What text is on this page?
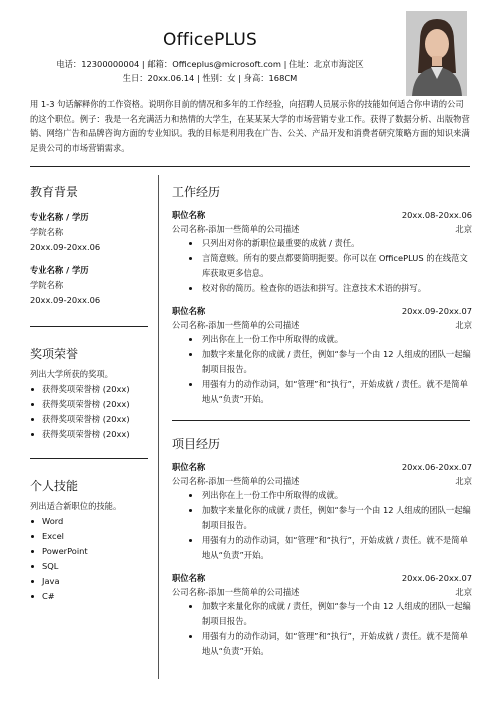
OfficePLUS
电话：12300000004 | 邮箱：Officeplus@microsoft.com | 住址：北京市海淀区
生日：20xx.06.14 | 性别：女 | 身高：168CM
用 1-3 句话解释你的工作资格。说明你目前的情况和多年的工作经验，向招聘人员展示你的技能如何适合你申请的公司的这个职位。例子：我是一名充满活力和热情的大学生，在某某某大学的市场营销专业工作。获得了数据分析、出版物营销、网络广告和品牌咨询方面的专业知识。我的目标是利用我在广告、公关、产品开发和消费者研究策略方面的知识来满足贵公司的市场营销需求。
教育背景
专业名称 / 学历
学院名称
20xx.09-20xx.06
专业名称 / 学历
学院名称
20xx.09-20xx.06
奖项荣誉
列出大学所获的奖项。
获得奖项荣誉榜 (20xx)
获得奖项荣誉榜 (20xx)
获得奖项荣誉榜 (20xx)
获得奖项荣誉榜 (20xx)
个人技能
列出适合新职位的技能。
Word
Excel
PowerPoint
SQL
Java
C#
工作经历
职位名称	20xx.08-20xx.06
公司名称-添加一些简单的公司描述	北京
只列出对你的新职位最重要的成就 / 责任。
言简意赅。所有的要点都要简明扼要。你可以在 OfficePLUS 的在线范文库获取更多信息。
校对你的简历。检查你的语法和拼写。注意技术术语的拼写。
职位名称	20xx.09-20xx.07
公司名称-添加一些简单的公司描述	北京
列出你在上一份工作中所取得的成就。
加数字来量化你的成就 / 责任，例如“参与一个由 12 人组成的团队一起编制项目报告。
用强有力的动作动词，如“管理”和“执行”，开始成就 / 责任。就不是简单地从“负责”开始。
项目经历
职位名称	20xx.06-20xx.07
公司名称-添加一些简单的公司描述	北京
列出你在上一份工作中所取得的成就。
加数字来量化你的成就 / 责任，例如“参与一个由 12 人组成的团队一起编制项目报告。
用强有力的动作动词，如“管理”和“执行”，开始成就 / 责任。就不是简单地从“负责”开始。
职位名称	20xx.06-20xx.07
公司名称-添加一些简单的公司描述	北京
加数字来量化你的成就 / 责任，例如“参与一个由 12 人组成的团队一起编制项目报告。
用强有力的动作动词，如“管理”和“执行”，开始成就 / 责任。就不是简单地从“负责”开始。
